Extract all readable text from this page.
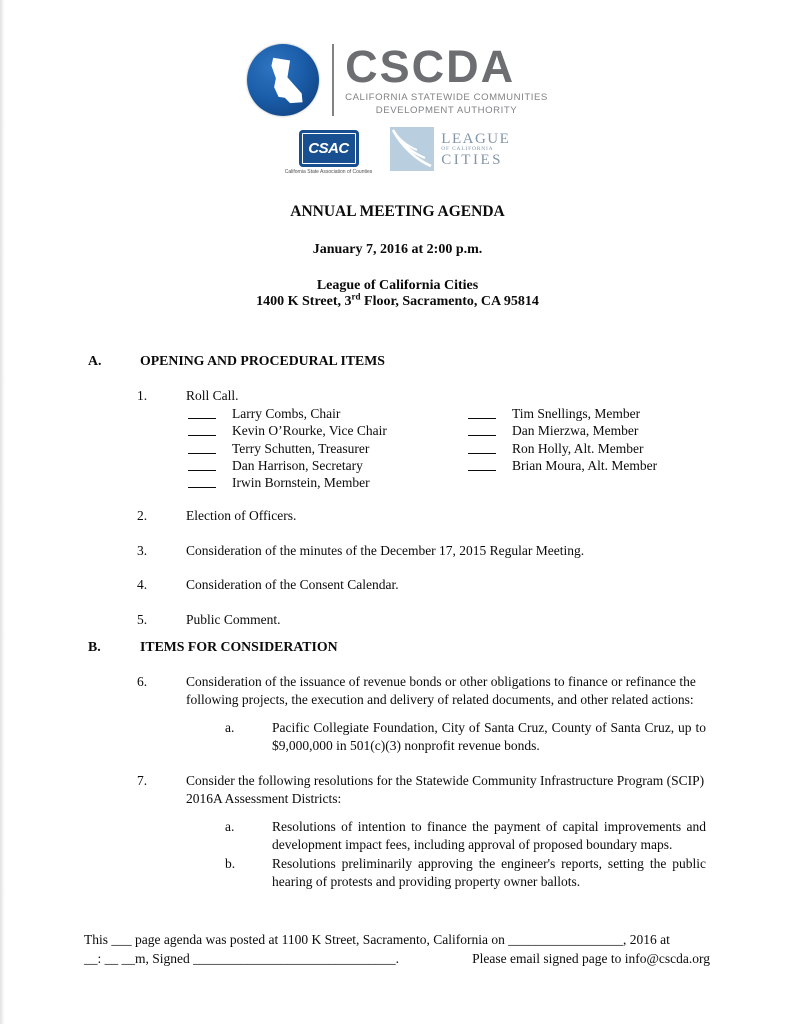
CSCDA
CALIFORNIA STATEWIDE COMMUNITIES
DEVELOPMENT AUTHORITY
CSAC
California State Association of Counties
LEAGUE
OF CALIFORNIA
CITIES
ANNUAL MEETING AGENDA
January 7, 2016 at 2:00 p.m.
League of California Cities
1400 K Street, 3rd Floor, Sacramento, CA 95814
A.	OPENING AND PROCEDURAL ITEMS
1.	Roll Call.
Larry Combs, Chair	Tim Snellings, Member
Kevin O’Rourke, Vice Chair	Dan Mierzwa, Member
Terry Schutten, Treasurer	Ron Holly, Alt. Member
Dan Harrison, Secretary	Brian Moura, Alt. Member
Irwin Bornstein, Member
2.	Election of Officers.
3.	Consideration of the minutes of the December 17, 2015 Regular Meeting.
4.	Consideration of the Consent Calendar.
5.	Public Comment.
B.	ITEMS FOR CONSIDERATION
6.	Consideration of the issuance of revenue bonds or other obligations to finance or refinance the following projects, the execution and delivery of related documents, and other related actions:

a.	Pacific Collegiate Foundation, City of Santa Cruz, County of Santa Cruz, up to $9,000,000 in 501(c)(3) nonprofit revenue bonds.

7.	Consider the following resolutions for the Statewide Community Infrastructure Program (SCIP) 2016A Assessment Districts:

a.	Resolutions of intention to finance the payment of capital improvements and development impact fees, including approval of proposed boundary maps.

b.	Resolutions preliminarily approving the engineer's reports, setting the public hearing of protests and providing property owner ballots.

This ___ page agenda was posted at 1100 K Street, Sacramento, California on _________________, 2016 at
__: __ __m, Signed ______________________________.	Please email signed page to info@cscda.org
